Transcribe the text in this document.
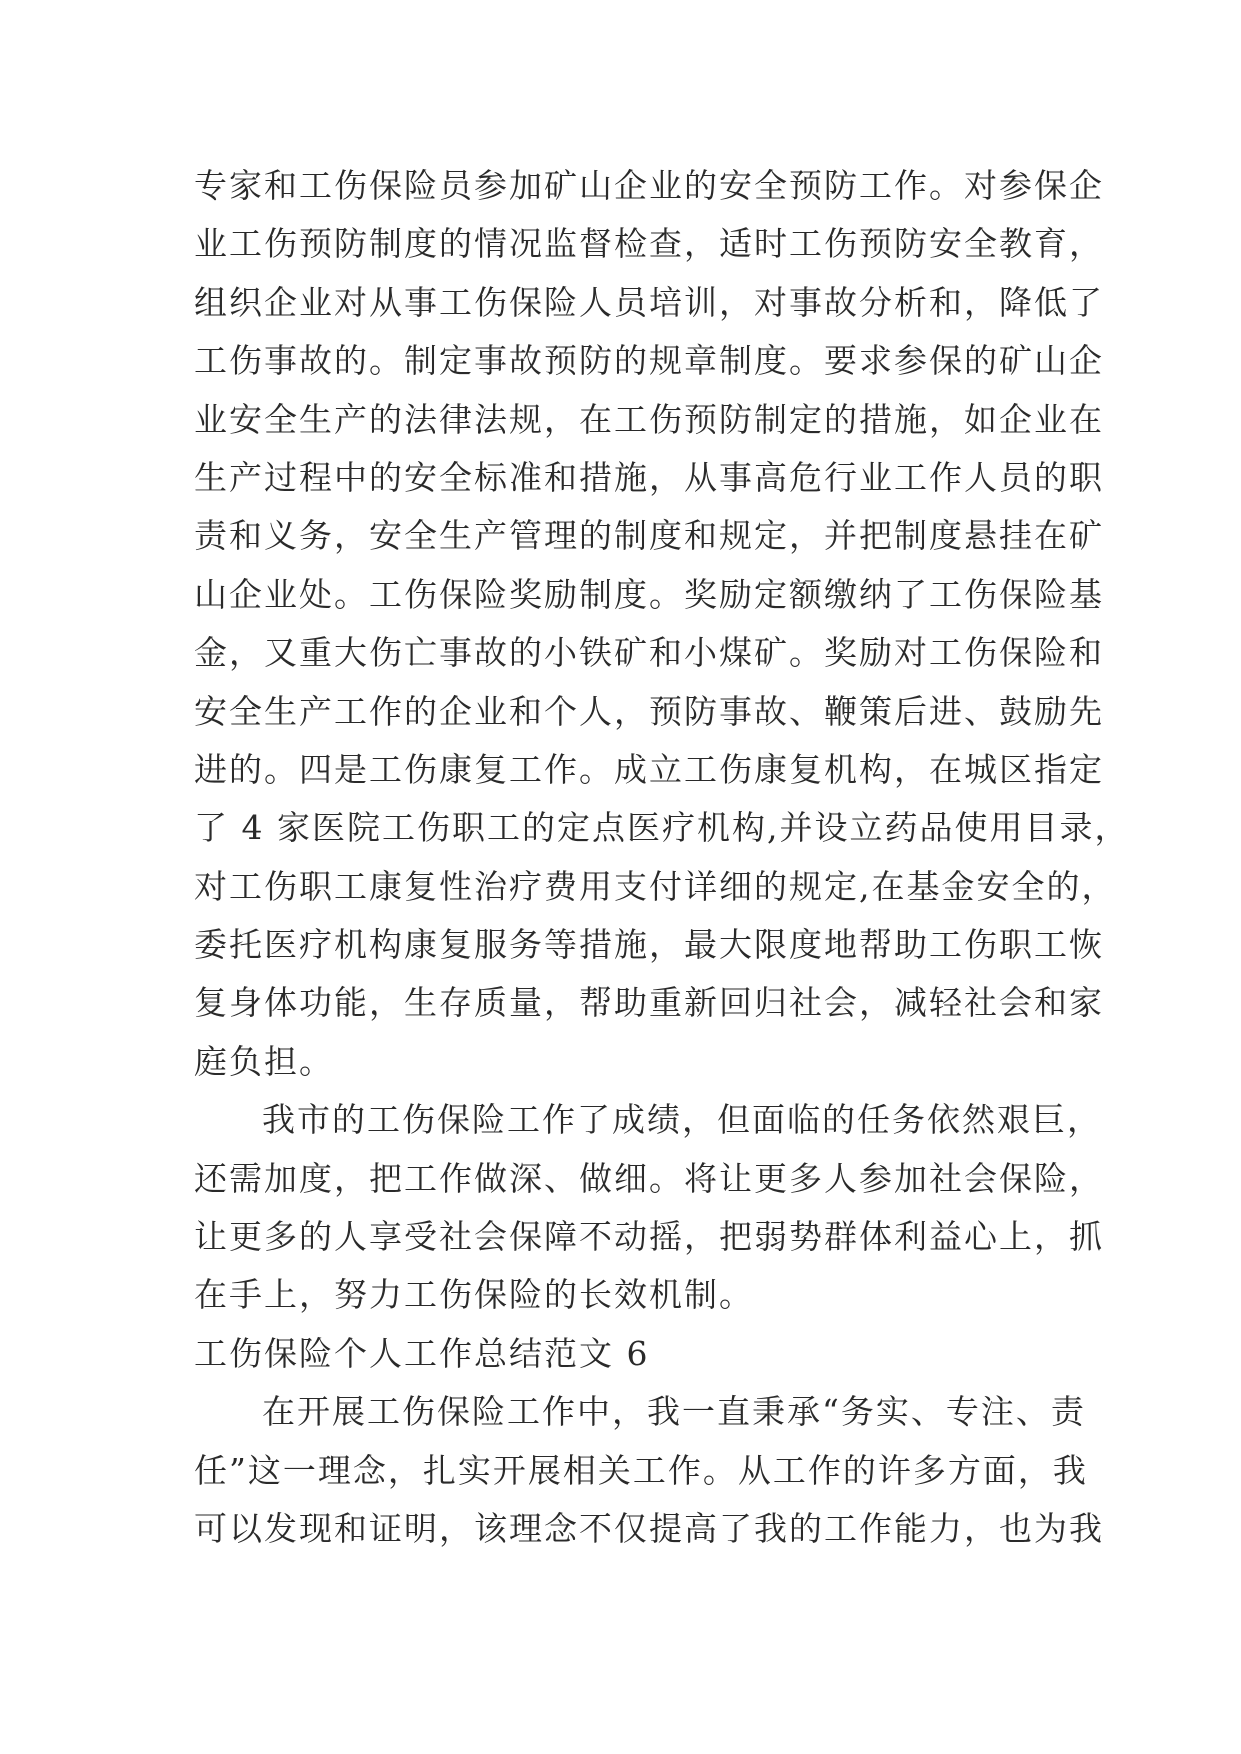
专家和工伤保险员参加矿山企业的安全预防工作。对参保企
业工伤预防制度的情况监督检查，适时工伤预防安全教育，
组织企业对从事工伤保险人员培训，对事故分析和，降低了
工伤事故的。制定事故预防的规章制度。要求参保的矿山企
业安全生产的法律法规，在工伤预防制定的措施，如企业在
生产过程中的安全标准和措施，从事高危行业工作人员的职
责和义务，安全生产管理的制度和规定，并把制度悬挂在矿
山企业处。工伤保险奖励制度。奖励定额缴纳了工伤保险基
金，又重大伤亡事故的小铁矿和小煤矿。奖励对工伤保险和
安全生产工作的企业和个人，预防事故、鞭策后进、鼓励先
进的。四是工伤康复工作。成立工伤康复机构，在城区指定
了 4 家医院工伤职工的定点医疗机构,并设立药品使用目录，
对工伤职工康复性治疗费用支付详细的规定,在基金安全的，
委托医疗机构康复服务等措施，最大限度地帮助工伤职工恢
复身体功能，生存质量，帮助重新回归社会，减轻社会和家
庭负担。
我市的工伤保险工作了成绩，但面临的任务依然艰巨，
还需加度，把工作做深、做细。将让更多人参加社会保险，
让更多的人享受社会保障不动摇，把弱势群体利益心上，抓
在手上，努力工伤保险的长效机制。
工伤保险个人工作总结范文 6
在开展工伤保险工作中，我一直秉承“务实、专注、责
任”这一理念，扎实开展相关工作。从工作的许多方面，我
可以发现和证明，该理念不仅提高了我的工作能力，也为我
